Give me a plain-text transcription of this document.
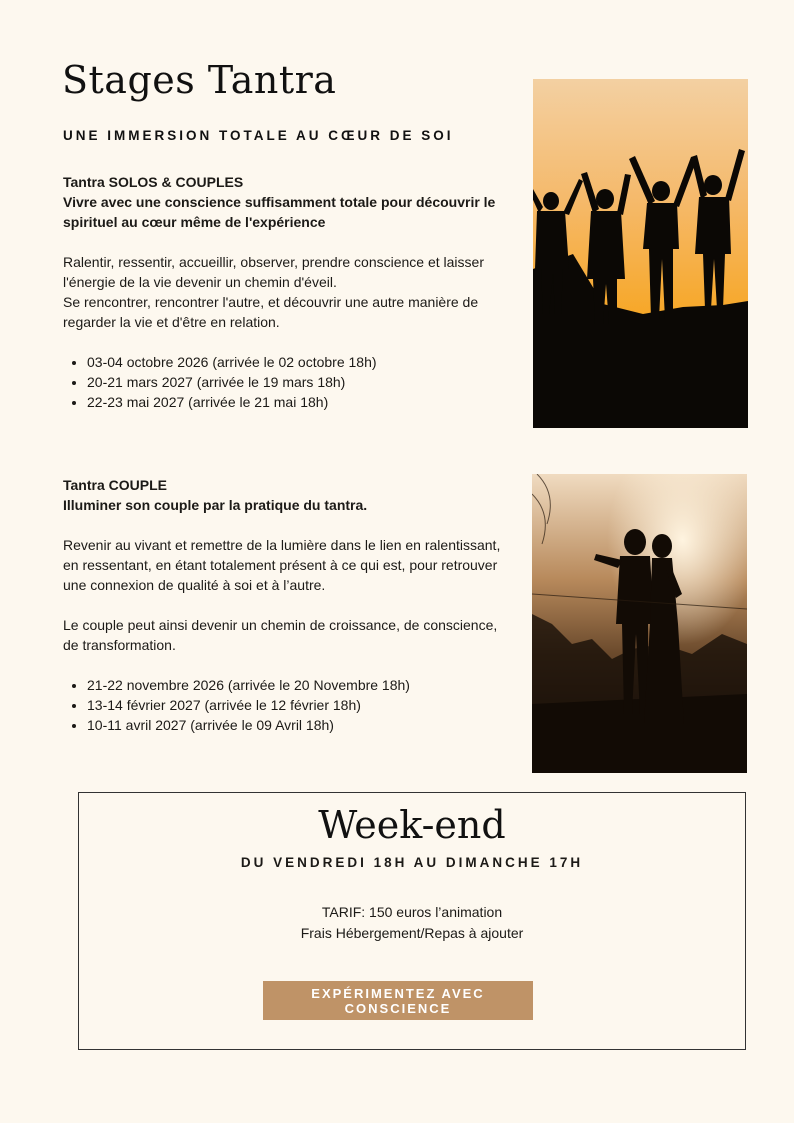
Stages Tantra
UNE IMMERSION TOTALE AU CŒUR DE SOI

Tantra SOLOS & COUPLES

Vivre avec une conscience suffisamment totale pour découvrir le spirituel au cœur même de l'expérience

Ralentir, ressentir, accueillir, observer, prendre conscience et laisser l'énergie de la vie devenir un chemin d'éveil.

Se rencontrer, rencontrer l'autre, et découvrir une autre manière de regarder la vie et d'être en relation.

• 03-04 octobre 2026 (arrivée le 02 octobre 18h)
• 20-21 mars 2027 (arrivée le 19 mars 18h)
• 22-23 mai 2027 (arrivée le 21 mai 18h)

Tantra COUPLE

Illuminer son couple par la pratique du tantra.

Revenir au vivant et remettre de la lumière dans le lien en ralentissant, en ressentant, en étant totalement présent à ce qui est, pour retrouver une connexion de qualité à soi et à l’autre.

Le couple peut ainsi devenir un chemin de croissance, de conscience, de transformation.

• 21-22 novembre 2026 (arrivée le 20 Novembre 18h)
• 13-14 février 2027 (arrivée le 12 février 18h)
• 10-11 avril 2027 (arrivée le 09 Avril 18h)
Week-end
DU VENDREDI 18H AU DIMANCHE 17H
TARIF: 150 euros l’animation
Frais Hébergement/Repas à ajouter
EXPÉRIMENTEZ AVEC
CONSCIENCE
